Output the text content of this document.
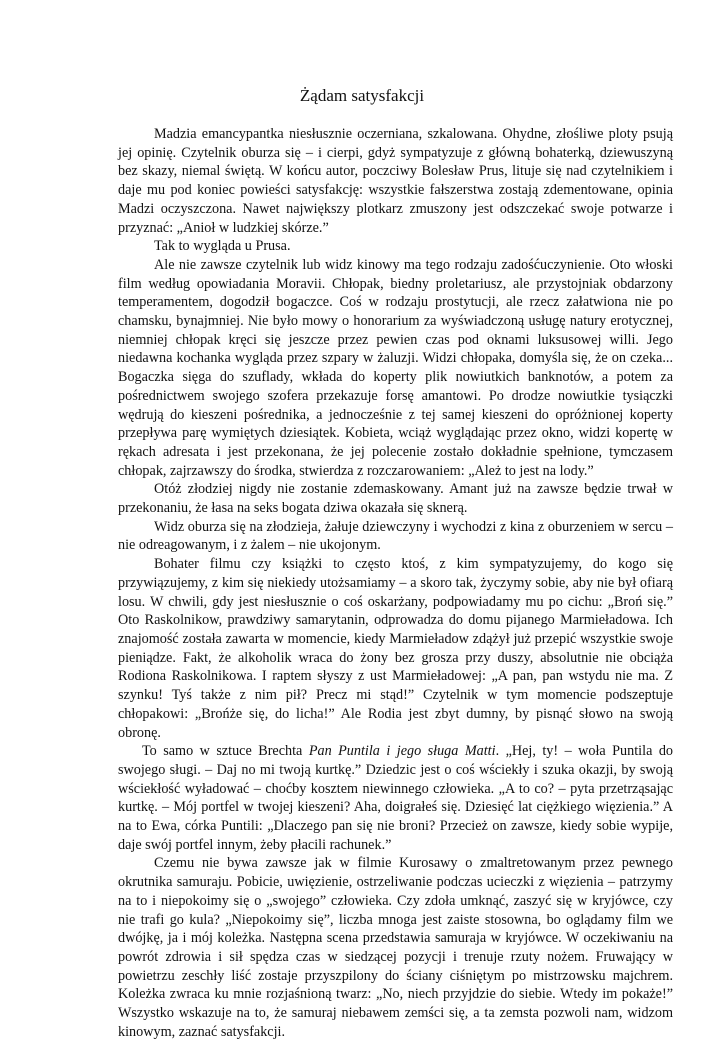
Żądam satysfakcji

Madzia emancypantka niesłusznie oczerniana, szkalowana. Ohydne, złośliwe ploty psują jej opinię. Czytelnik oburza się – i cierpi, gdyż sympatyzuje z główną bohaterką, dziewuszyną bez skazy, niemal świętą. W końcu autor, poczciwy Bolesław Prus, lituje się nad czytelnikiem i daje mu pod koniec powieści satysfakcję: wszystkie fałszerstwa zostają zdementowane, opinia Madzi oczyszczona. Nawet największy plotkarz zmuszony jest odszczekać swoje potwarze i przyznać: „Anioł w ludzkiej skórze.”

Tak to wygląda u Prusa.

Ale nie zawsze czytelnik lub widz kinowy ma tego rodzaju zadośćuczynienie. Oto włoski film według opowiadania Moravii. Chłopak, biedny proletariusz, ale przystojniak obdarzony temperamentem, dogodził bogaczce. Coś w rodzaju prostytucji, ale rzecz załatwiona nie po chamsku, bynajmniej. Nie było mowy o honorarium za wyświadczoną usługę natury erotycznej, niemniej chłopak kręci się jeszcze przez pewien czas pod oknami luksusowej willi. Jego niedawna kochanka wygląda przez szpary w żaluzji. Widzi chłopaka, domyśla się, że on czeka... Bogaczka sięga do szuflady, wkłada do koperty plik nowiutkich banknotów, a potem za pośrednictwem swojego szofera przekazuje forsę amantowi. Po drodze nowiutkie tysiączki wędrują do kieszeni pośrednika, a jednocześnie z tej samej kieszeni do opróżnionej koperty przepływa parę wymiętych dziesiątek. Kobieta, wciąż wyglądając przez okno, widzi kopertę w rękach adresata i jest przekonana, że jej polecenie zostało dokładnie spełnione, tymczasem chłopak, zajrzawszy do środka, stwierdza z rozczarowaniem: „Ależ to jest na lody.”

Otóż złodziej nigdy nie zostanie zdemaskowany. Amant już na zawsze będzie trwał w przekonaniu, że łasa na seks bogata dziwa okazała się sknerą.

Widz oburza się na złodzieja, żałuje dziewczyny i wychodzi z kina z oburzeniem w sercu – nie odreagowanym, i z żalem – nie ukojonym.

Bohater filmu czy książki to często ktoś, z kim sympatyzujemy, do kogo się przywiązujemy, z kim się niekiedy utożsamiamy – a skoro tak, życzymy sobie, aby nie był ofiarą losu. W chwili, gdy jest niesłusznie o coś oskarżany, podpowiadamy mu po cichu: „Broń się.” Oto Raskolnikow, prawdziwy samarytanin, odprowadza do domu pijanego Marmieładowa. Ich znajomość została zawarta w momencie, kiedy Marmieładow zdążył już przepić wszystkie swoje pieniądze. Fakt, że alkoholik wraca do żony bez grosza przy duszy, absolutnie nie obciąża Rodiona Raskolnikowa. I raptem słyszy z ust Marmieładowej: „A pan, pan wstydu nie ma. Z szynku! Tyś także z nim pił? Precz mi stąd!” Czytelnik w tym momencie podszeptuje chłopakowi: „Brońże się, do licha!” Ale Rodia jest zbyt dumny, by pisnąć słowo na swoją obronę.

To samo w sztuce Brechta Pan Puntila i jego sługa Matti. „Hej, ty! – woła Puntila do swojego sługi. – Daj no mi twoją kurtkę.” Dziedzic jest o coś wściekły i szuka okazji, by swoją wściekłość wyładować – choćby kosztem niewinnego człowieka. „A to co? – pyta przetrząsając kurtkę. – Mój portfel w twojej kieszeni? Aha, doigrałeś się. Dziesięć lat ciężkiego więzienia.” A na to Ewa, córka Puntili: „Dlaczego pan się nie broni? Przecież on zawsze, kiedy sobie wypije, daje swój portfel innym, żeby płacili rachunek.”

Czemu nie bywa zawsze jak w filmie Kurosawy o zmaltretowanym przez pewnego okrutnika samuraju. Pobicie, uwięzienie, ostrzeliwanie podczas ucieczki z więzienia – patrzymy na to i niepokoimy się o „swojego” człowieka. Czy zdoła umknąć, zaszyć się w kryjówce, czy nie trafi go kula? „Niepokoimy się”, liczba mnoga jest zaiste stosowna, bo oglądamy film we dwójkę, ja i mój koleżka. Następna scena przedstawia samuraja w kryjówce. W oczekiwaniu na powrót zdrowia i sił spędza czas w siedzącej pozycji i trenuje rzuty nożem. Fruwający w powietrzu zeschły liść zostaje przyszpilony do ściany ciśniętym po mistrzowsku majchrem. Koleżka zwraca ku mnie rozjaśnioną twarz: „No, niech przyjdzie do siebie. Wtedy im pokaże!” Wszystko wskazuje na to, że samuraj niebawem zemści się, a ta zemsta pozwoli nam, widzom kinowym, zaznać satysfakcji.
